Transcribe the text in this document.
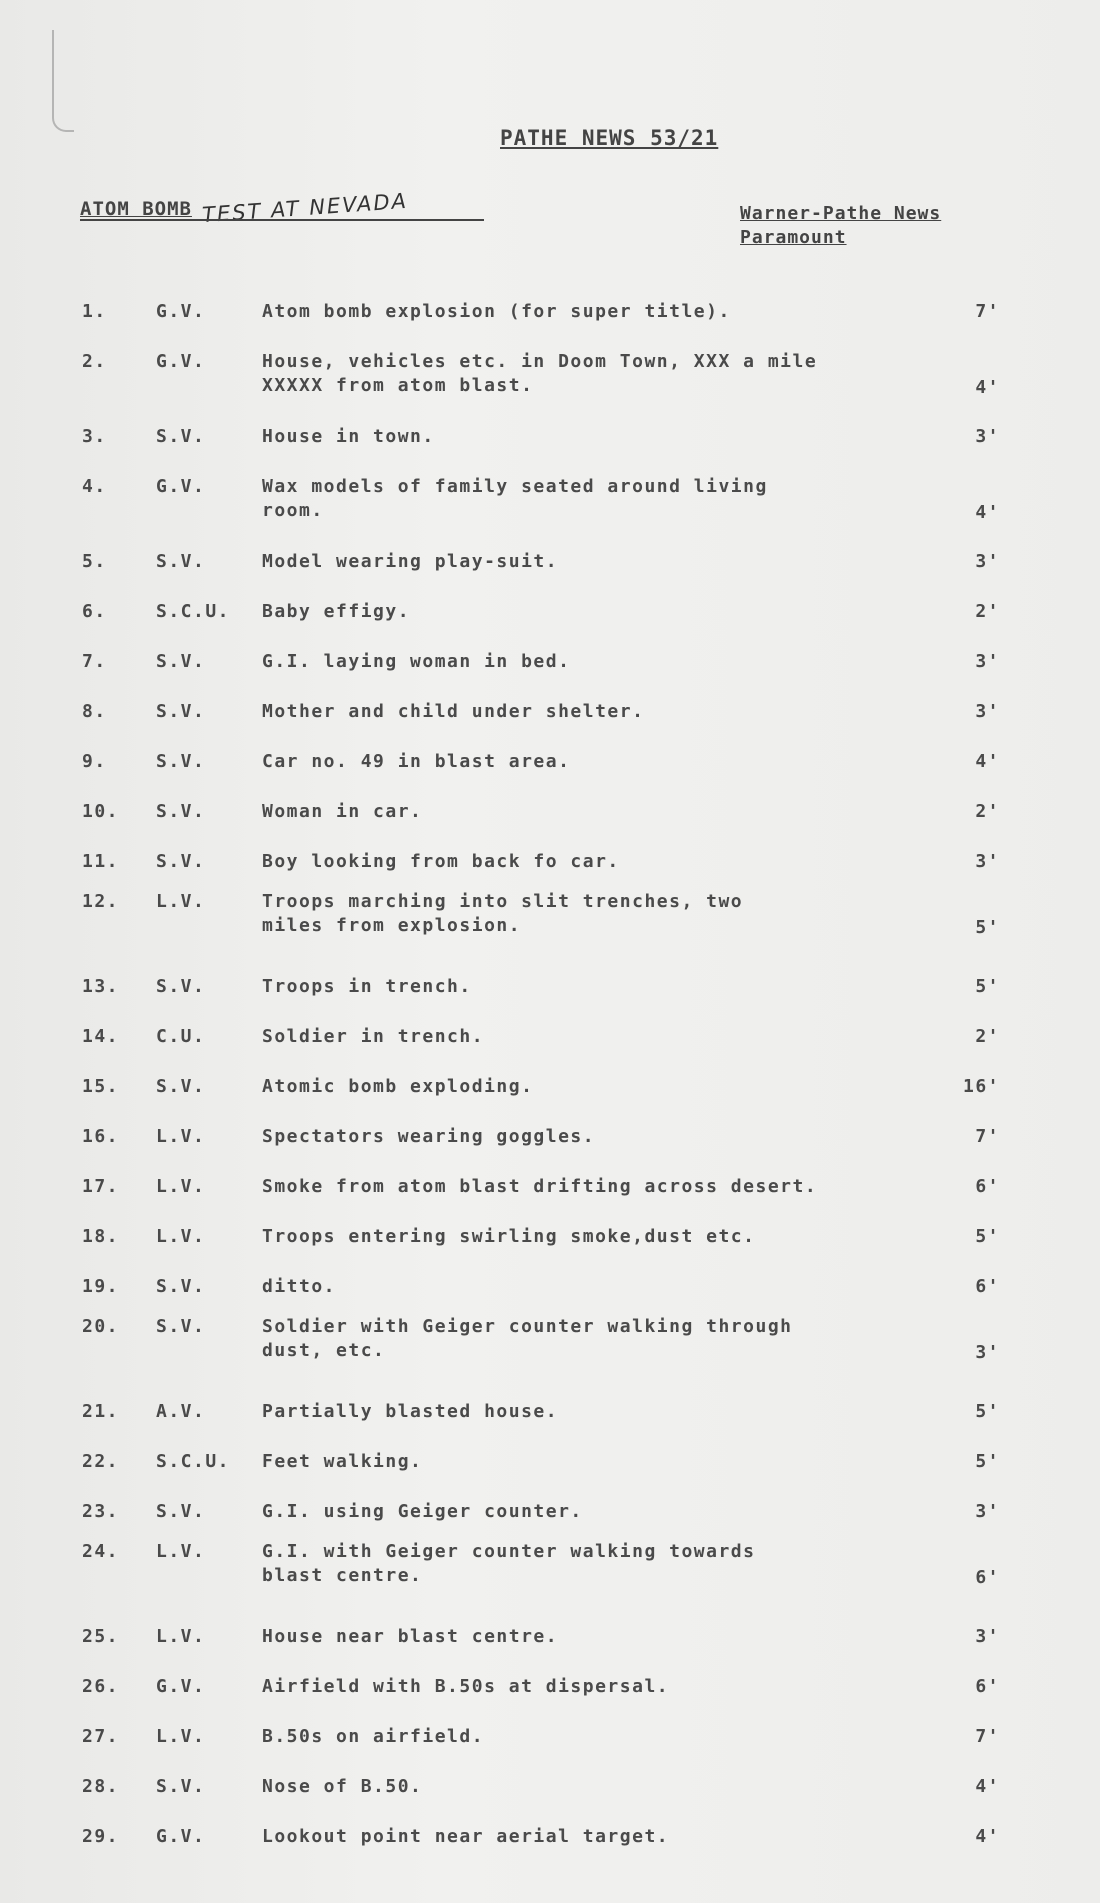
PATHE NEWS 53/21
ATOM BOMB TEST AT NEVADA	Warner-Pathe News
Paramount
1.	G.V.	Atom bomb explosion (for super title).	7'
2.	G.V.	House, vehicles etc. in Doom Town, XXX a mile
XXXXX from atom blast.	4'
3.	S.V.	House in town.	3'
4.	G.V.	Wax models of family seated around living
room.	4'
5.	S.V.	Model wearing play-suit.	3'
6.	S.C.U. Baby effigy.	2'
7.	S.V.	G.I. laying woman in bed.	3'
8.	S.V.	Mother and child under shelter.	3'
9.	S.V.	Car no. 49 in blast area.	4'
10. S.V.	Woman in car.	2'
11. S.V.	Boy looking from back fo car.	3'
12. L.V.	Troops marching into slit trenches, two
miles from explosion.	5'
13. S.V.	Troops in trench.	5'
14. C.U.	Soldier in trench.	2'
15. S.V.	Atomic bomb exploding.	16'
16. L.V.	Spectators wearing goggles.	7'
17. L.V.	Smoke from atom blast drifting across desert.	6'
18. L.V.	Troops entering swirling smoke,dust etc.	5'
19. S.V.	ditto.	6'
20. S.V.	Soldier with Geiger counter walking through
dust, etc.	3'
21. A.V.	Partially blasted house.	5'
22. S.C.U. Feet walking.	5'
23. S.V.	G.I. using Geiger counter.	3'
24. L.V.	G.I. with Geiger counter walking towards
blast centre.	6'
25. L.V.	House near blast centre.	3'
26. G.V.	Airfield with B.50s at dispersal.	6'
27. L.V.	B.50s on airfield.	7'
28. S.V.	Nose of B.50.	4'
29. G.V.	Lookout point near aerial target.	4'
